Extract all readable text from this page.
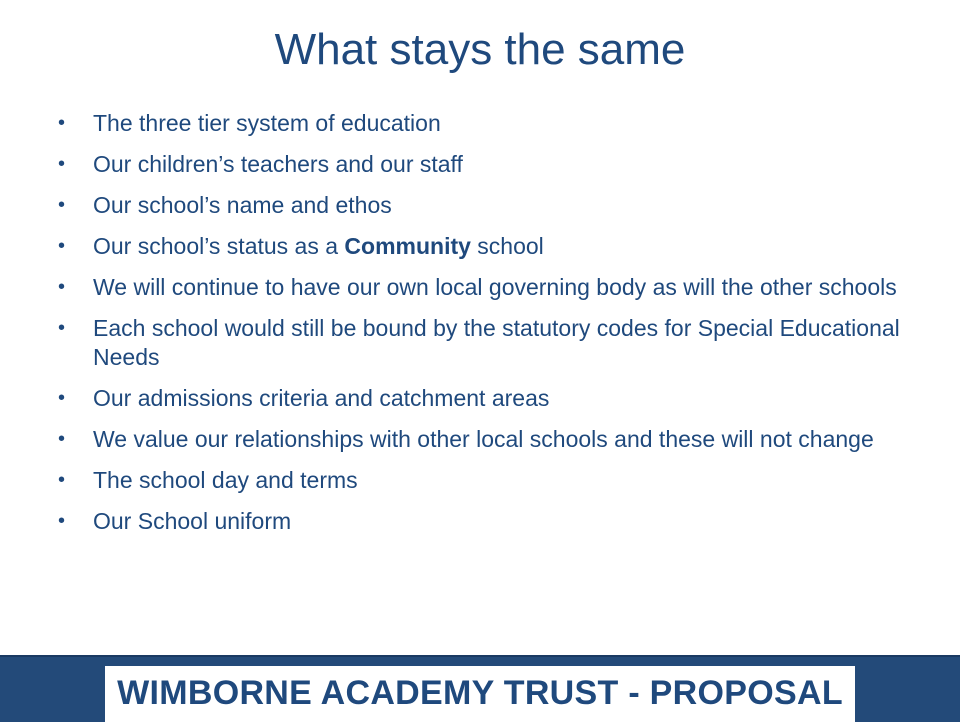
What stays the same
• The three tier system of education
• Our children’s teachers and our staff
• Our school’s name and ethos
• Our school’s status as a Community school
• We will continue to have our own local governing body as will the other schools
• Each school would still be bound by the statutory codes for Special Educational Needs
• Our admissions criteria and catchment areas
• We value our relationships with other local schools and these will not change
• The school day and terms
• Our School uniform
WIMBORNE ACADEMY TRUST - PROPOSAL
